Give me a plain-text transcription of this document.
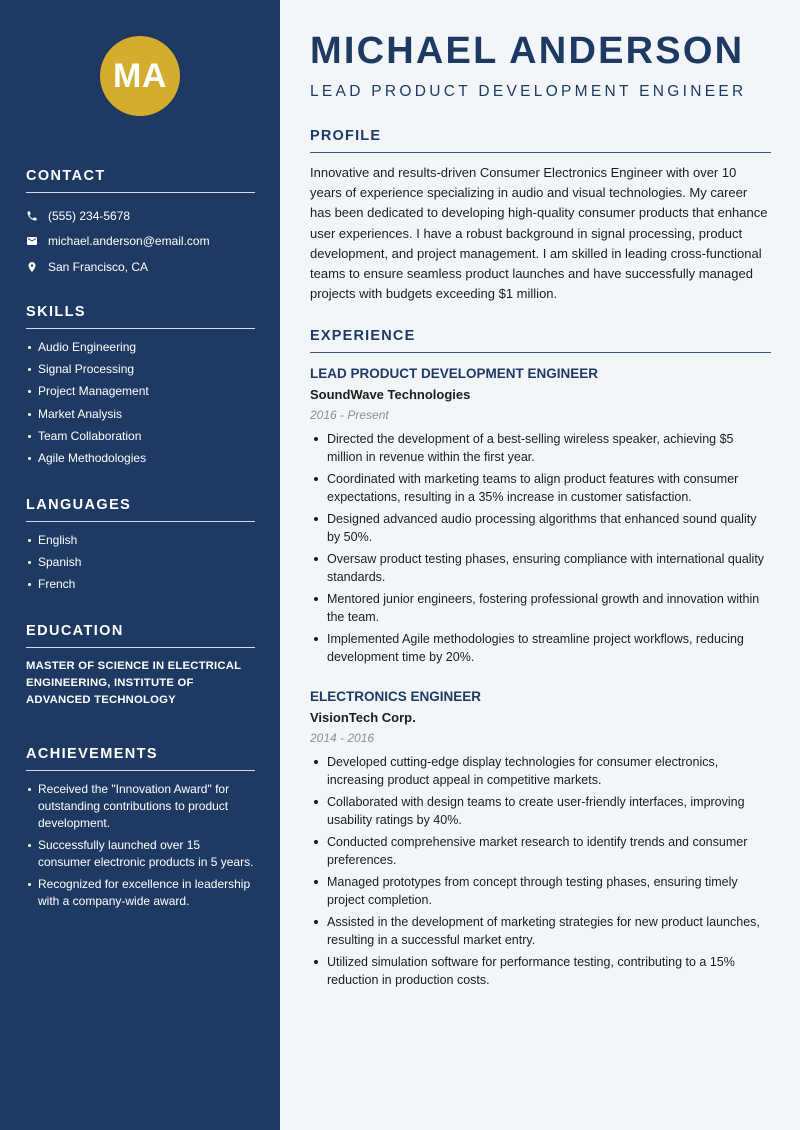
MA
CONTACT
(555) 234-5678
michael.anderson@email.com
San Francisco, CA
SKILLS
Audio Engineering
Signal Processing
Project Management
Market Analysis
Team Collaboration
Agile Methodologies
LANGUAGES
English
Spanish
French
EDUCATION

MASTER OF SCIENCE IN ELECTRICAL ENGINEERING, INSTITUTE OF ADVANCED TECHNOLOGY

ACHIEVEMENTS
Received the "Innovation Award" for outstanding contributions to product development.
Successfully launched over 15 consumer electronic products in 5 years.
Recognized for excellence in leadership with a company-wide award.
MICHAEL ANDERSON
LEAD PRODUCT DEVELOPMENT ENGINEER
PROFILE

Innovative and results-driven Consumer Electronics Engineer with over 10 years of experience specializing in audio and visual technologies. My career has been dedicated to developing high-quality consumer products that enhance user experiences. I have a robust background in signal processing, product development, and project management. I am skilled in leading cross-functional teams to ensure seamless product launches and have successfully managed projects with budgets exceeding $1 million.

EXPERIENCE
LEAD PRODUCT DEVELOPMENT ENGINEER
SoundWave Technologies
2016 - Present
Directed the development of a best-selling wireless speaker, achieving $5 million in revenue within the first year.
Coordinated with marketing teams to align product features with consumer expectations, resulting in a 35% increase in customer satisfaction.
Designed advanced audio processing algorithms that enhanced sound quality by 50%.
Oversaw product testing phases, ensuring compliance with international quality standards.
Mentored junior engineers, fostering professional growth and innovation within the team.
Implemented Agile methodologies to streamline project workflows, reducing development time by 20%.
ELECTRONICS ENGINEER
VisionTech Corp.
2014 - 2016
Developed cutting-edge display technologies for consumer electronics, increasing product appeal in competitive markets.
Collaborated with design teams to create user-friendly interfaces, improving usability ratings by 40%.
Conducted comprehensive market research to identify trends and consumer preferences.
Managed prototypes from concept through testing phases, ensuring timely project completion.
Assisted in the development of marketing strategies for new product launches, resulting in a successful market entry.
Utilized simulation software for performance testing, contributing to a 15% reduction in production costs.
